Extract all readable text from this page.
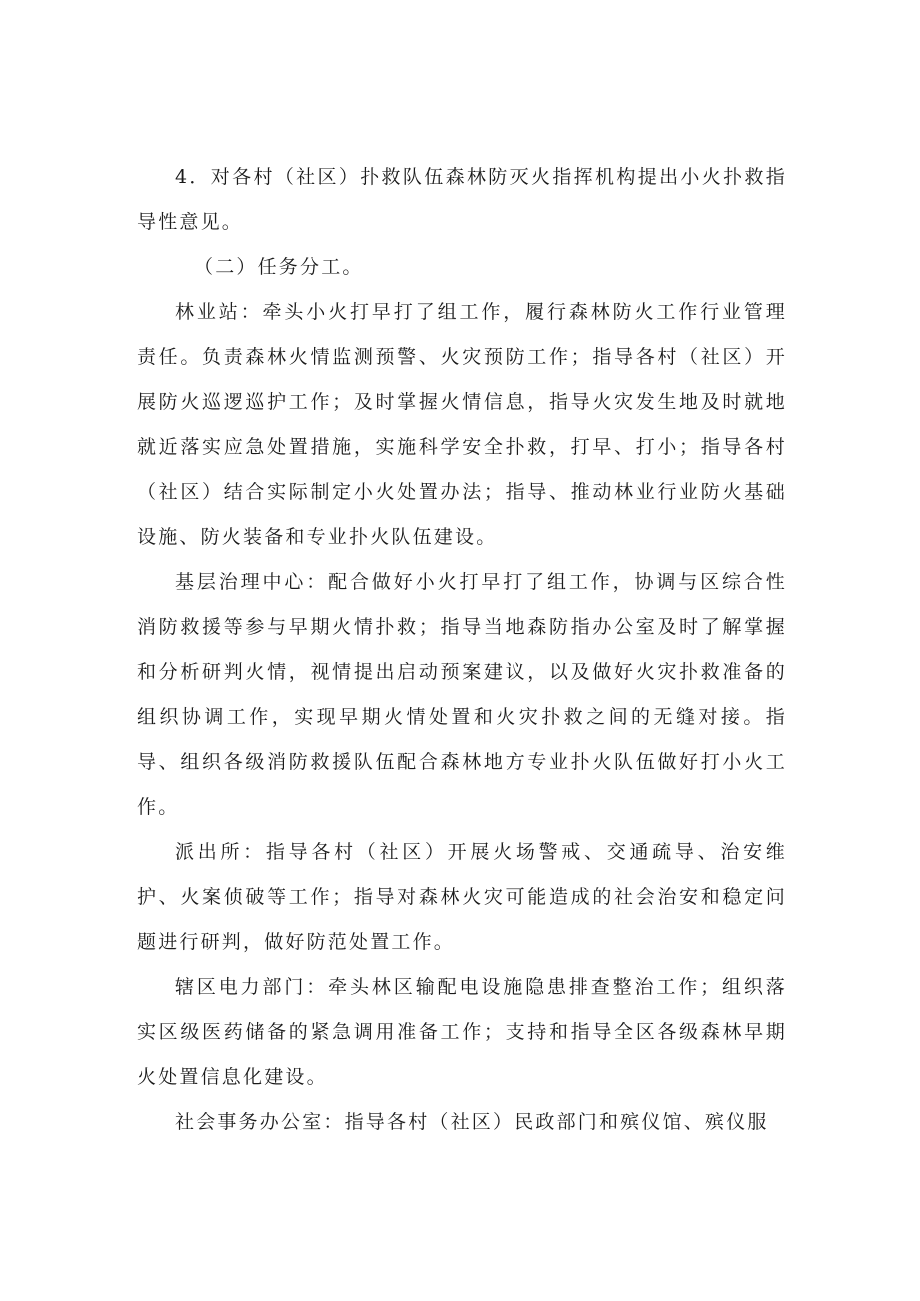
4．对各村（社区）扑救队伍森林防灭火指挥机构提出小火扑救指导性意见。

（二）任务分工。

林业站：牵头小火打早打了组工作，履行森林防火工作行业管理责任。负责森林火情监测预警、火灾预防工作；指导各村（社区）开展防火巡逻巡护工作；及时掌握火情信息，指导火灾发生地及时就地就近落实应急处置措施，实施科学安全扑救，打早、打小；指导各村（社区）结合实际制定小火处置办法；指导、推动林业行业防火基础设施、防火装备和专业扑火队伍建设。

基层治理中心：配合做好小火打早打了组工作，协调与区综合性消防救援等参与早期火情扑救；指导当地森防指办公室及时了解掌握和分析研判火情，视情提出启动预案建议，以及做好火灾扑救准备的组织协调工作，实现早期火情处置和火灾扑救之间的无缝对接。指导、组织各级消防救援队伍配合森林地方专业扑火队伍做好打小火工作。

派出所：指导各村（社区）开展火场警戒、交通疏导、治安维护、火案侦破等工作；指导对森林火灾可能造成的社会治安和稳定问题进行研判，做好防范处置工作。

辖区电力部门：牵头林区输配电设施隐患排查整治工作；组织落实区级医药储备的紧急调用准备工作；支持和指导全区各级森林早期火处置信息化建设。

社会事务办公室：指导各村（社区）民政部门和殡仪馆、殡仪服
